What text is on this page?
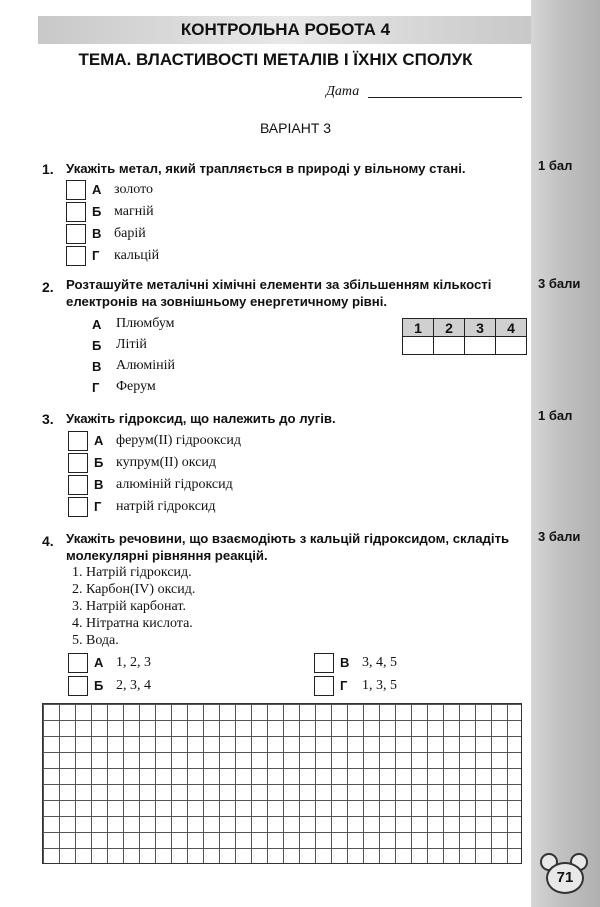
КОНТРОЛЬНА РОБОТА 4
ТЕМА. ВЛАСТИВОСТІ МЕТАЛІВ І ЇХНІХ СПОЛУК
Дата
ВАРІАНТ 3
1. Укажіть метал, який трапляється в природі у вільному стані.	1 бал
А золото
Б магній
В барій
Г кальцій
2. Розташуйте металічні хімічні елементи за збільшенням кількості електронів на зовнішньому енергетичному рівні.
3 бали
А Плюмбум
Б Літій
В Алюміній
Г Ферум
1	2	3	4

3. Укажіть гідроксид, що належить до лугів.	1 бал
А ферум(ІІ) гідрооксид
Б купрум(ІІ) оксид
В алюміній гідроксид
Г натрій гідроксид
4. Укажіть речовини, що взаємодіють з кальцій гідроксидом, складіть молекулярні рівняння реакцій.
3 бали
1. Натрій гідроксид.
2. Карбон(IV) оксид.
3. Натрій карбонат.
4. Нітратна кислота.
5. Вода.
А 1, 2, 3
Б 2, 3, 4
В 3, 4, 5
Г 1, 3, 5
71
